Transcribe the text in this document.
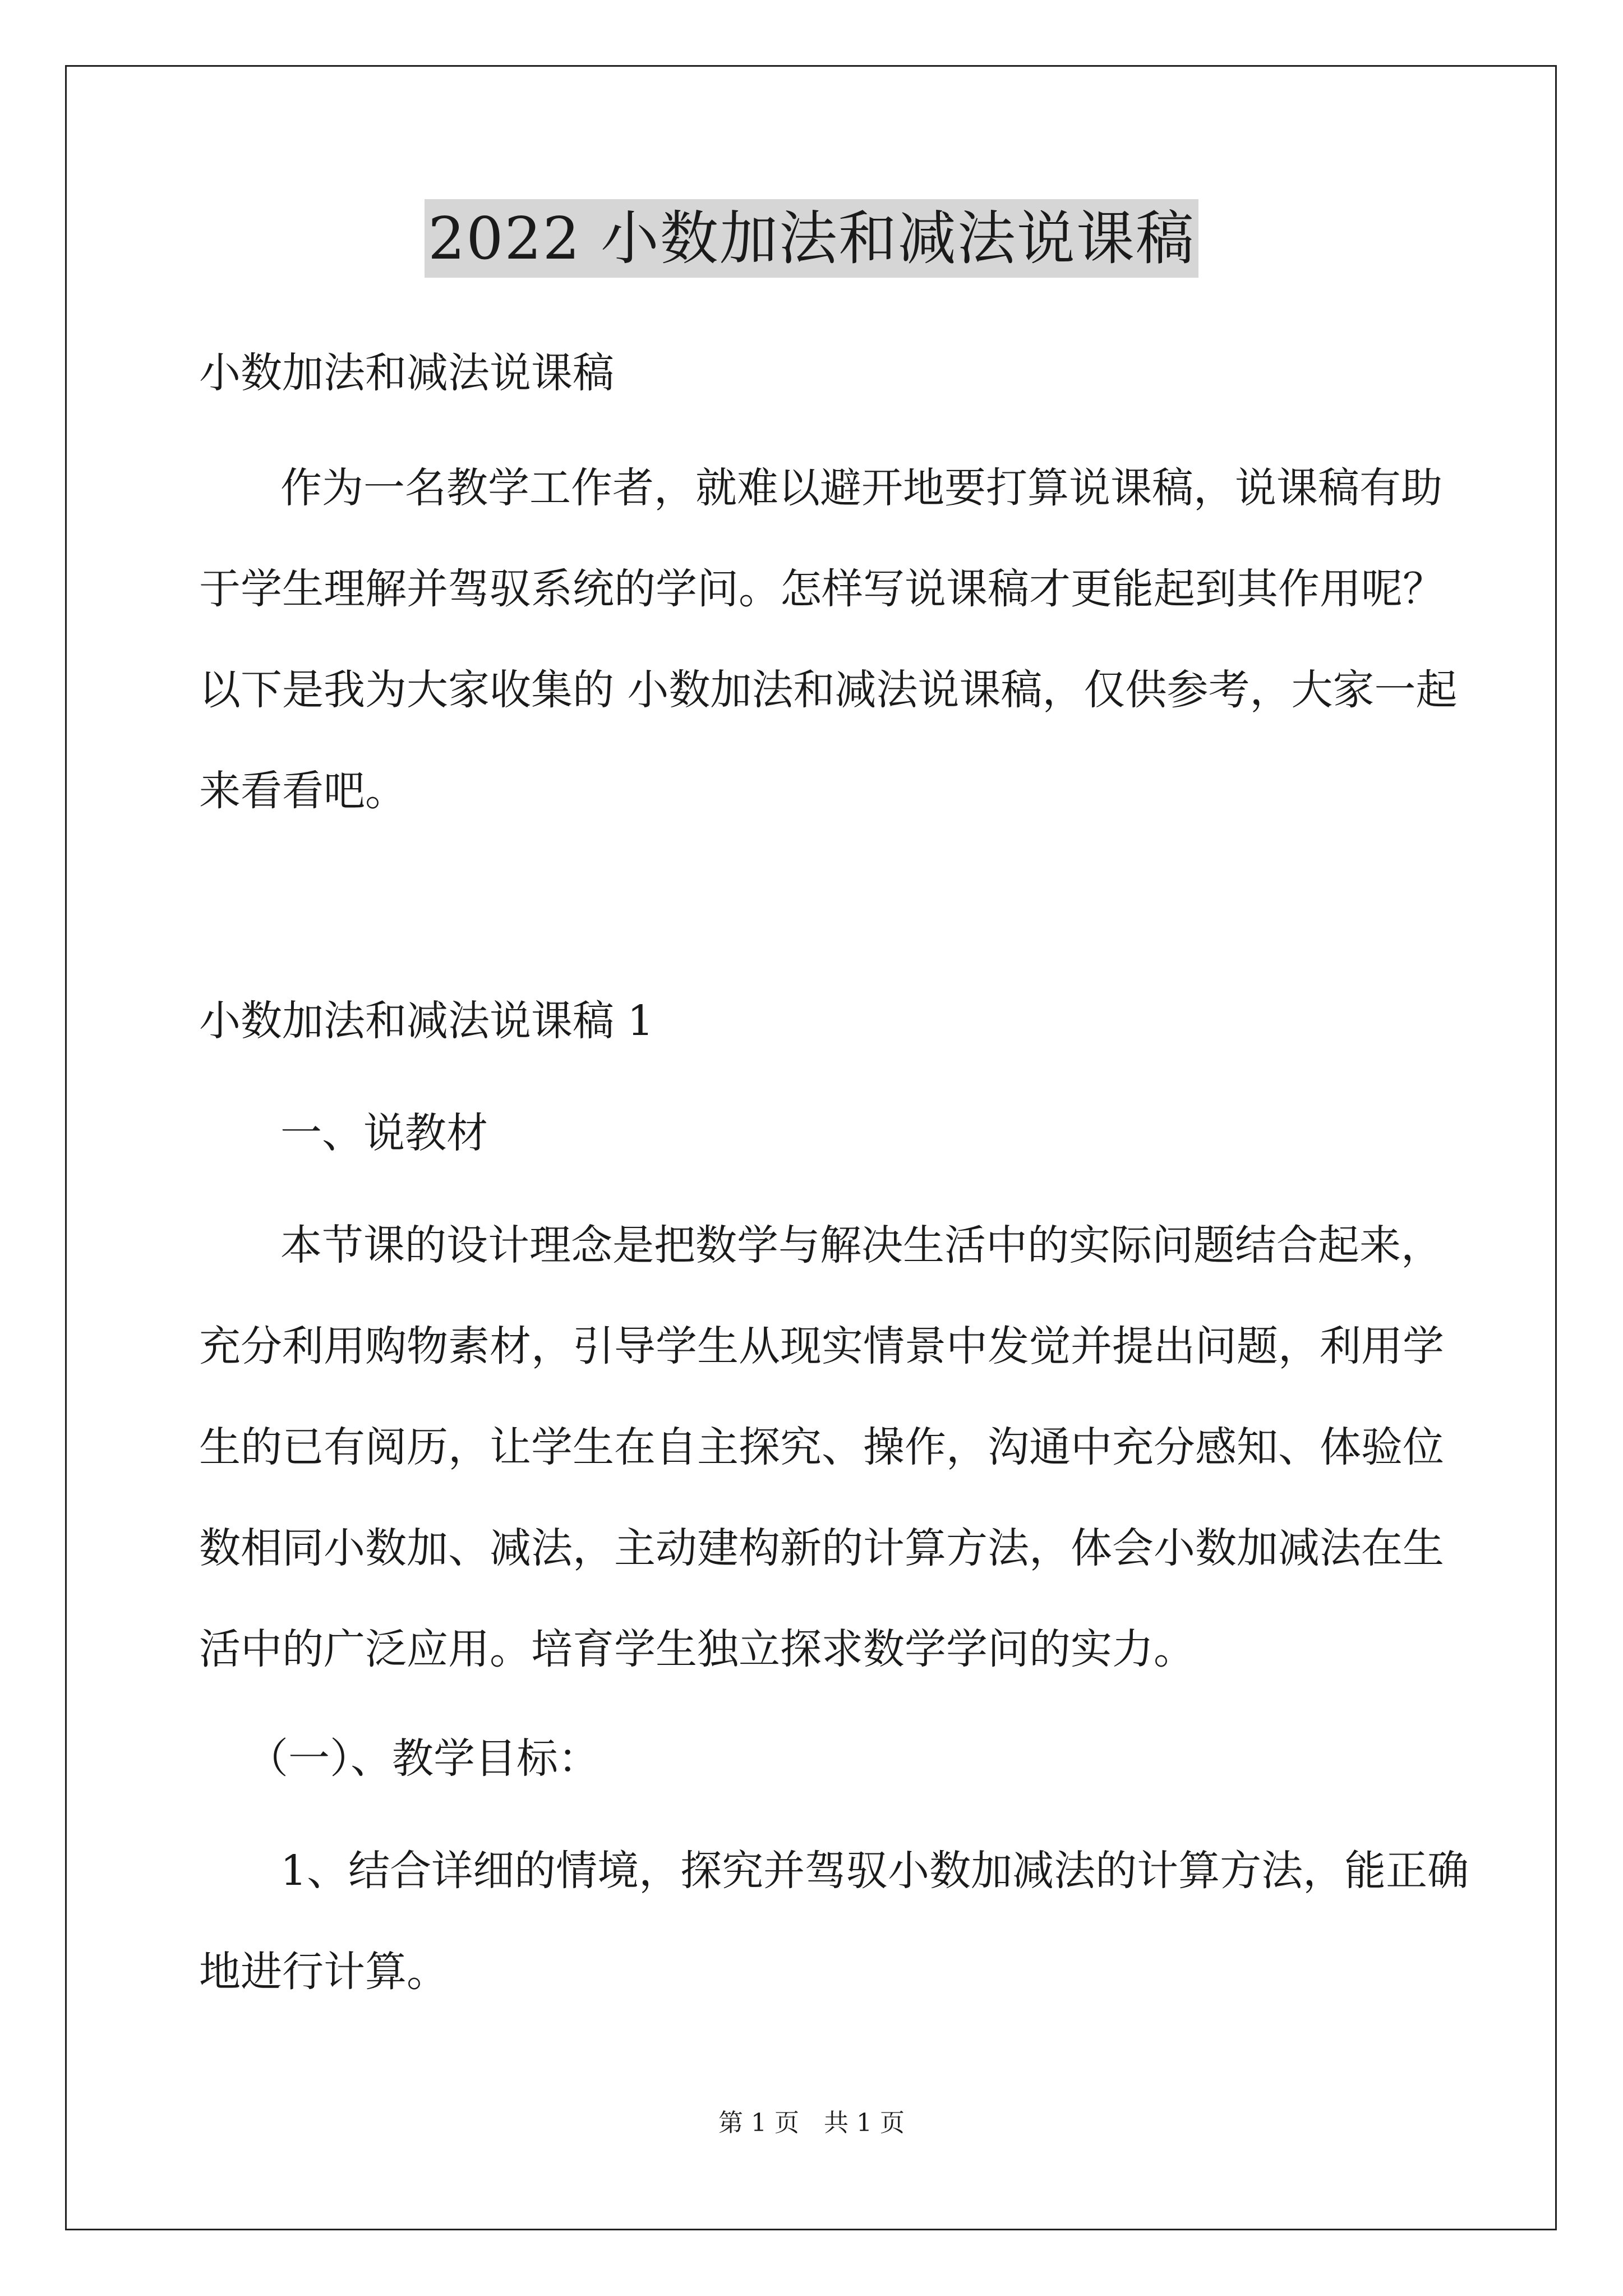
2022 小数加法和减法说课稿
小数加法和减法说课稿
作为一名教学工作者，就难以避开地要打算说课稿，说课稿有助
于学生理解并驾驭系统的学问。怎样写说课稿才更能起到其作用呢？
以下是我为大家收集的 小数加法和减法说课稿，仅供参考，大家一起
来看看吧。
小数加法和减法说课稿 1
一、说教材
本节课的设计理念是把数学与解决生活中的实际问题结合起来，
充分利用购物素材，引导学生从现实情景中发觉并提出问题，利用学
生的已有阅历，让学生在自主探究、操作，沟通中充分感知、体验位
数相同小数加、减法，主动建构新的计算方法，体会小数加减法在生
活中的广泛应用。培育学生独立探求数学学问的实力。
（一）、教学目标：
1、结合详细的情境，探究并驾驭小数加减法的计算方法，能正确
地进行计算。
第 1 页　共 1 页
